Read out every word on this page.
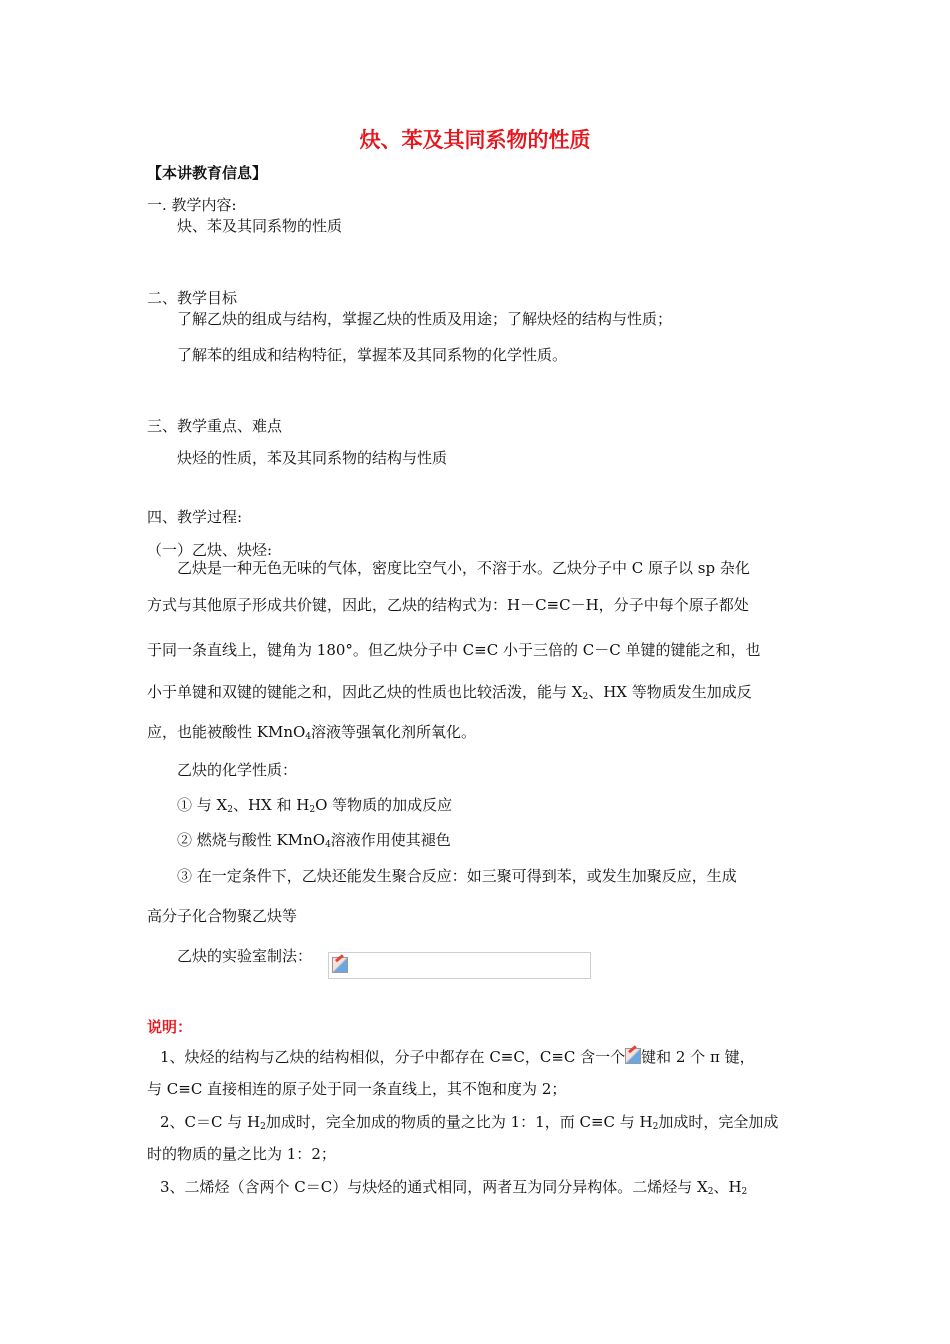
炔、苯及其同系物的性质
【本讲教育信息】
一. 教学内容:
炔、苯及其同系物的性质
二、教学目标
了解乙炔的组成与结构，掌握乙炔的性质及用途；了解炔烃的结构与性质；
了解苯的组成和结构特征，掌握苯及其同系物的化学性质。
三、教学重点、难点
炔烃的性质，苯及其同系物的结构与性质
四、教学过程:
（一）乙炔、炔烃:
乙炔是一种无色无味的气体，密度比空气小，不溶于水。乙炔分子中 C 原子以 sp 杂化
方式与其他原子形成共价键，因此，乙炔的结构式为：H－C≡C－H，分子中每个原子都处
于同一条直线上，键角为 180°。但乙炔分子中 C≡C 小于三倍的 C－C 单键的键能之和，也
小于单键和双键的键能之和，因此乙炔的性质也比较活泼，能与 $X_2$、HX 等物质发生加成反
应，也能被酸性 KMnO$_4$溶液等强氧化剂所氧化。
乙炔的化学性质：
① 与 $X_2$、HX 和 $H_2O$ 等物质的加成反应
② 燃烧与酸性 KMnO$_4$溶液作用使其褪色
③ 在一定条件下，乙炔还能发生聚合反应：如三聚可得到苯，或发生加聚反应，生成
高分子化合物聚乙炔等
乙炔的实验室制法：
说明：
1、炔烃的结构与乙炔的结构相似，分子中都存在 C≡C，C≡C 含一个 键和 2 个 π 键，
与 C≡C 直接相连的原子处于同一条直线上，其不饱和度为 2；
2、C＝C 与 $H_2$加成时，完全加成的物质的量之比为 1：1，而 C≡C 与 $H_2$加成时，完全加成
时的物质的量之比为 1：2；
3、二烯烃（含两个 C＝C）与炔烃的通式相同，两者互为同分异构体。二烯烃与 $X_2$、$H_2$
